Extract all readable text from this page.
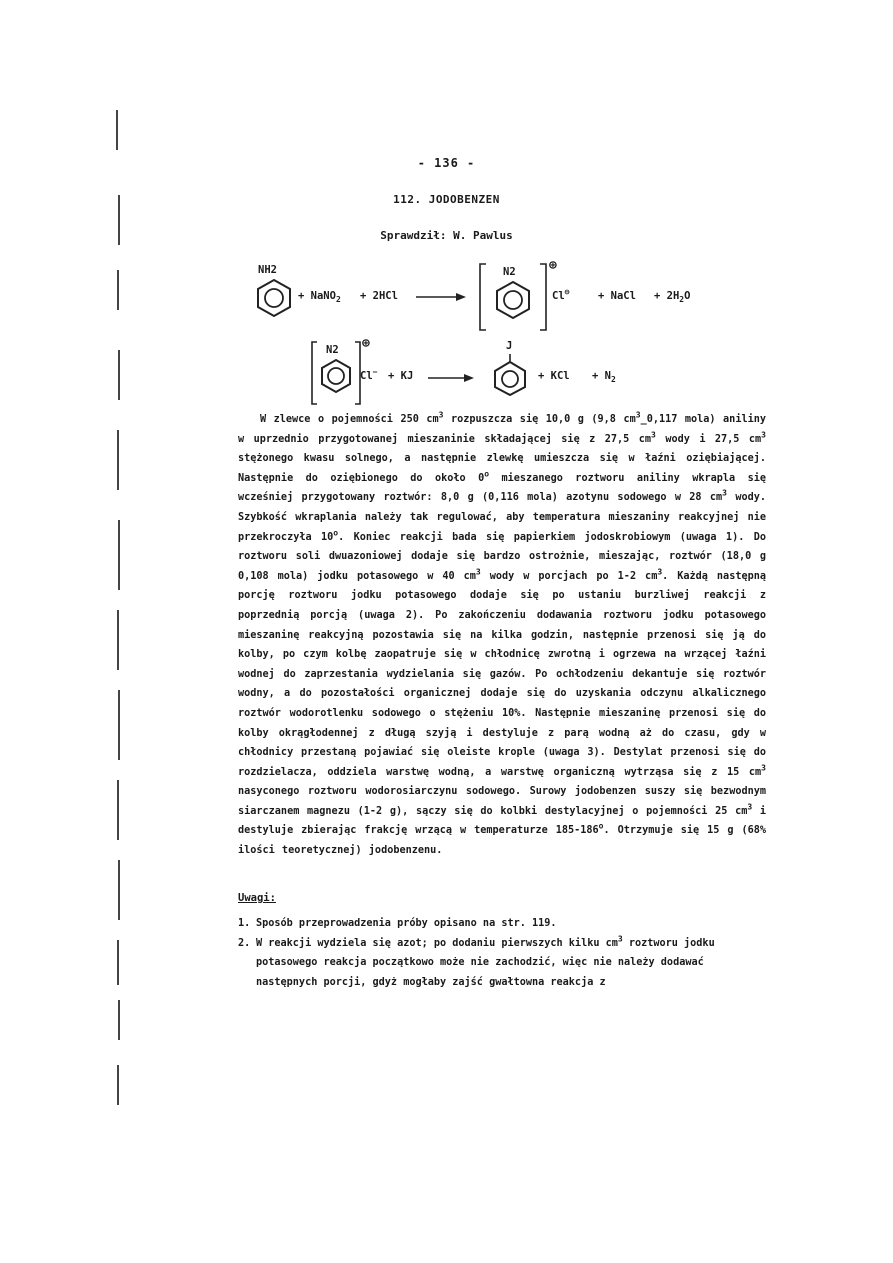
- 136 -
112. JODOBENZEN
Sprawdził: W. Pawlus
NH2
+ NaNO$_2$ + 2HCl →
N2	⊕
Cl⊖	+ NaCl + $2H_2O$
N2 ⊕
Cl− + KJ →
J
+ KCl + $N_2$
W zlewce o pojemności 250 $cm^3$ rozpuszcza się 10,0 g (9,8 $cm^3\_0,117$ mola) aniliny w uprzednio przygotowanej mieszaninie składającej się z 27,5 $cm^3$ wody i 27,5 $cm^3$ stężonego kwasu solnego, a następnie zlewkę umieszcza się w łaźni oziębiającej. Następnie do oziębionego do około 0$^o$ mieszanego roztworu aniliny wkrapla się wcześniej przygotowany roztwór: 8,0 g (0,116 mola) azotynu sodowego w 28 $cm^3$ wody. Szybkość wkraplania należy tak regulować, aby temperatura mieszaniny reakcyjnej nie przekroczyła 10$^o$. Koniec reakcji bada się papierkiem jodoskrobiowym (uwaga 1). Do roztworu soli dwuazoniowej dodaje się bardzo ostrożnie, mieszając, roztwór (18,0 g 0,108 mola) jodku potasowego w 40 $cm^3$ wody w porcjach po 1-2 $cm^3$. Każdą następną porcję roztworu jodku potasowego dodaje się po ustaniu burzliwej reakcji z poprzednią porcją (uwaga 2). Po zakończeniu dodawania roztworu jodku potasowego mieszaninę reakcyjną pozostawia się na kilka godzin, następnie przenosi się ją do kolby, po czym kolbę zaopatruje się w chłodnicę zwrotną i ogrzewa na wrzącej łaźni wodnej do zaprzestania wydzielania się gazów. Po ochłodzeniu dekantuje się roztwór wodny, a do pozostałości organicznej dodaje się do uzyskania odczynu alkalicznego roztwór wodorotlenku sodowego o stężeniu 10%. Następnie mieszaninę przenosi się do kolby okrągłodennej z długą szyją i destyluje z parą wodną aż do czasu, gdy w chłodnicy przestaną pojawiać się oleiste krople (uwaga 3). Destylat przenosi się do rozdzielacza, oddziela warstwę wodną, a warstwę organiczną wytrząsa się z 15 $cm^3$ nasyconego roztworu wodorosiarczynu sodowego. Surowy jodobenzen suszy się bezwodnym siarczanem magnezu (1-2 g), sączy się do kolbki destylacyjnej o pojemności 25 $cm^3$ i destyluje zbierając frakcję wrzącą w temperaturze 185-186$^o$. Otrzymuje się 15 g (68% ilości teoretycznej) jodobenzenu.
Uwagi:
1. Sposób przeprowadzenia próby opisano na str. 119.
2. W reakcji wydziela się azot; po dodaniu pierwszych kilku $cm^3$ roztworu jodku potasowego reakcja początkowo może nie zachodzić, więc nie należy dodawać następnych porcji, gdyż mogłaby zajść gwałtowna reakcja z
